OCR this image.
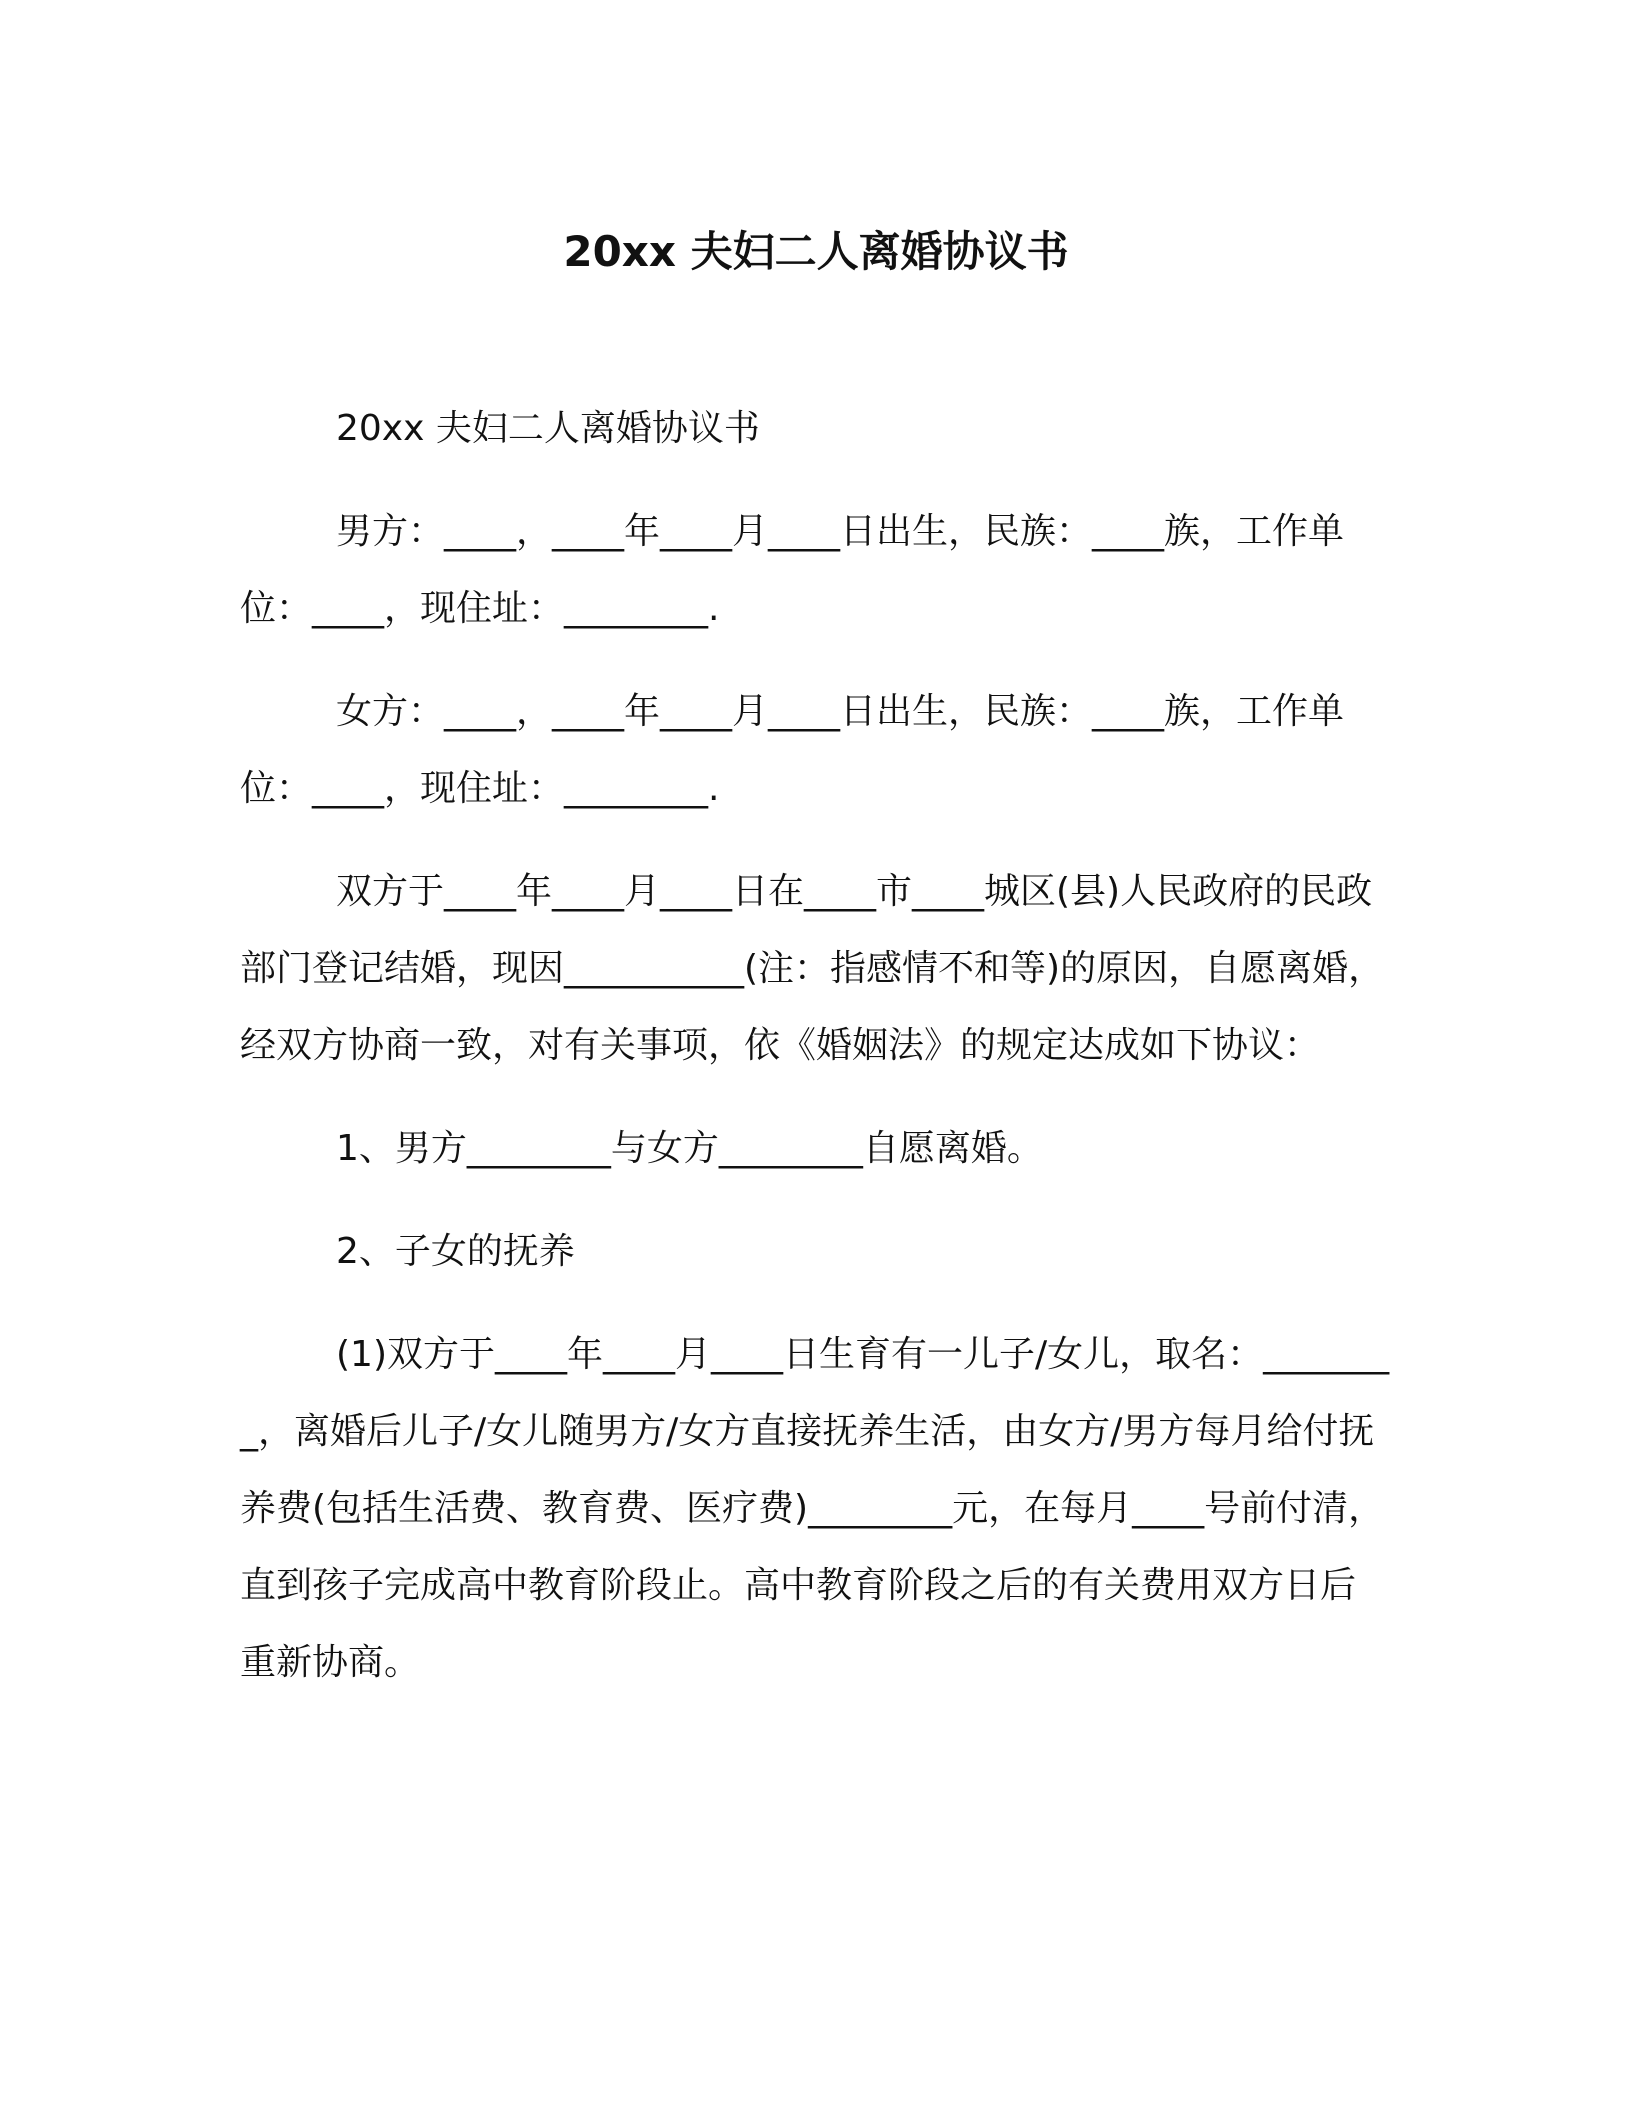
20xx 夫妇二人离婚协议书

20xx 夫妇二人离婚协议书

男方：____，____年____月____日出生，民族：____族，工作单位：____，现住址：________.

女方：____，____年____月____日出生，民族：____族，工作单位：____，现住址：________.

双方于____年____月____日在____市____城区(县)人民政府的民政部门登记结婚，现因__________(注：指感情不和等)的原因，自愿离婚，经双方协商一致，对有关事项，依《婚姻法》的规定达成如下协议：

1、男方________与女方________自愿离婚。

2、子女的抚养

(1)双方于____年____月____日生育有一儿子/女儿，取名：________，离婚后儿子/女儿随男方/女方直接抚养生活，由女方/男方每月给付抚养费(包括生活费、教育费、医疗费)________元，在每月____号前付清，直到孩子完成高中教育阶段止。高中教育阶段之后的有关费用双方日后重新协商。
